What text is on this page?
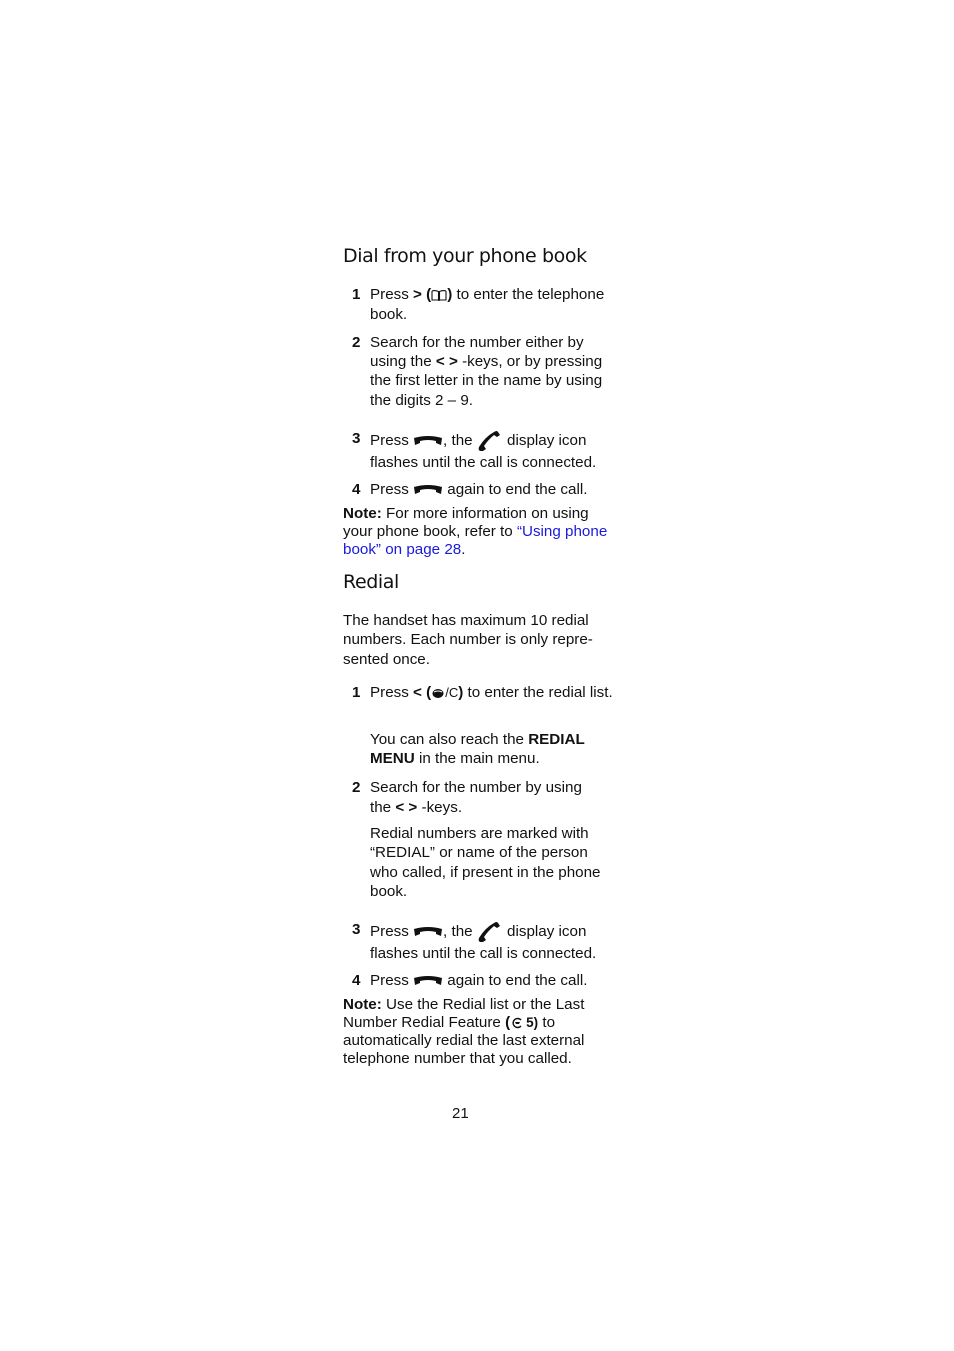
Dial from your phone book
1 Press > ( ) to enter the telephone book.
2 Search for the number either by using the < > -keys, or by pressing the first letter in the name by using the digits 2 – 9.
3 Press , the  display icon flashes until the call is connected.
4 Press  again to end the call.
Note: For more information on using your phone book, refer to “Using phone book” on page 28.
Redial
The handset has maximum 10 redial numbers. Each number is only repre-sented once.
1 Press < ( /C) to enter the redial list.
You can also reach the REDIAL MENU in the main menu.
2 Search for the number by using the < > -keys.
Redial numbers are marked with “REDIAL” or name of the person who called, if present in the phone book.
3 Press , the  display icon flashes until the call is connected.
4 Press  again to end the call.
Note: Use the Redial list or the Last Number Redial Feature ( 5) to automatically redial the last external telephone number that you called.
21
